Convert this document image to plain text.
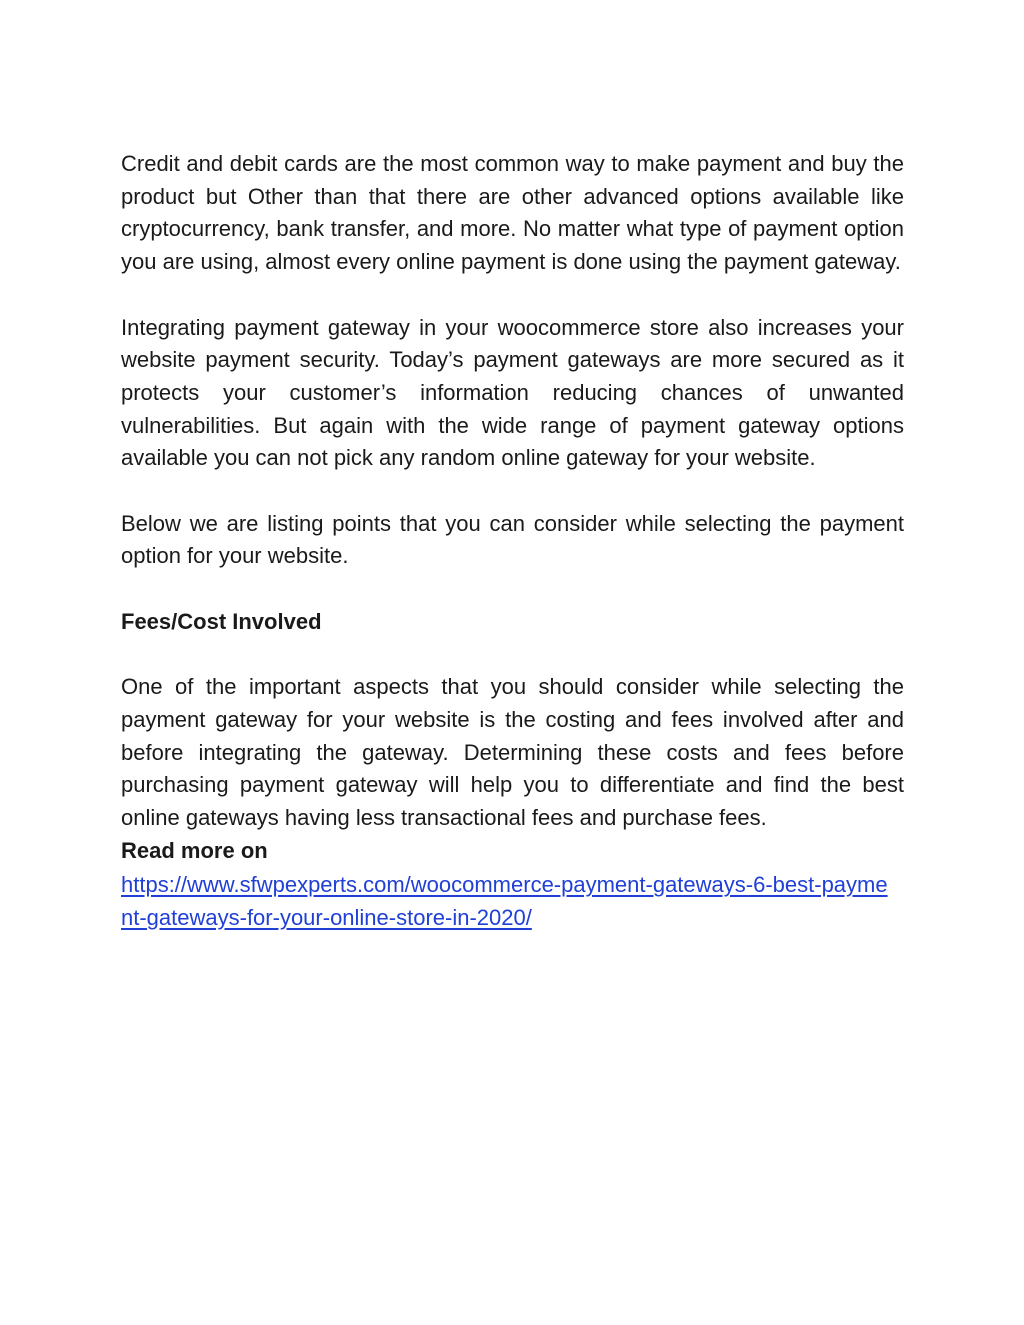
Credit and debit cards are the most common way to make payment and buy the product but Other than that there are other advanced options available like cryptocurrency, bank transfer, and more. No matter what type of payment option you are using, almost every online payment is done using the payment gateway.

Integrating payment gateway in your woocommerce store also increases your website payment security. Today’s payment gateways are more secured as it protects your customer’s information reducing chances of unwanted vulnerabilities. But again with the wide range of payment gateway options available you can not pick any random online gateway for your website.

Below we are listing points that you can consider while selecting the payment option for your website.

Fees/Cost Involved

One of the important aspects that you should consider while selecting the payment gateway for your website is the costing and fees involved after and before integrating the gateway. Determining these costs and fees before purchasing payment gateway will help you to differentiate and find the best online gateways having less transactional fees and purchase fees.

Read more on

https://www.sfwpexperts.com/woocommerce-payment-gateways-6-best-payment-gateways-for-your-online-store-in-2020/
